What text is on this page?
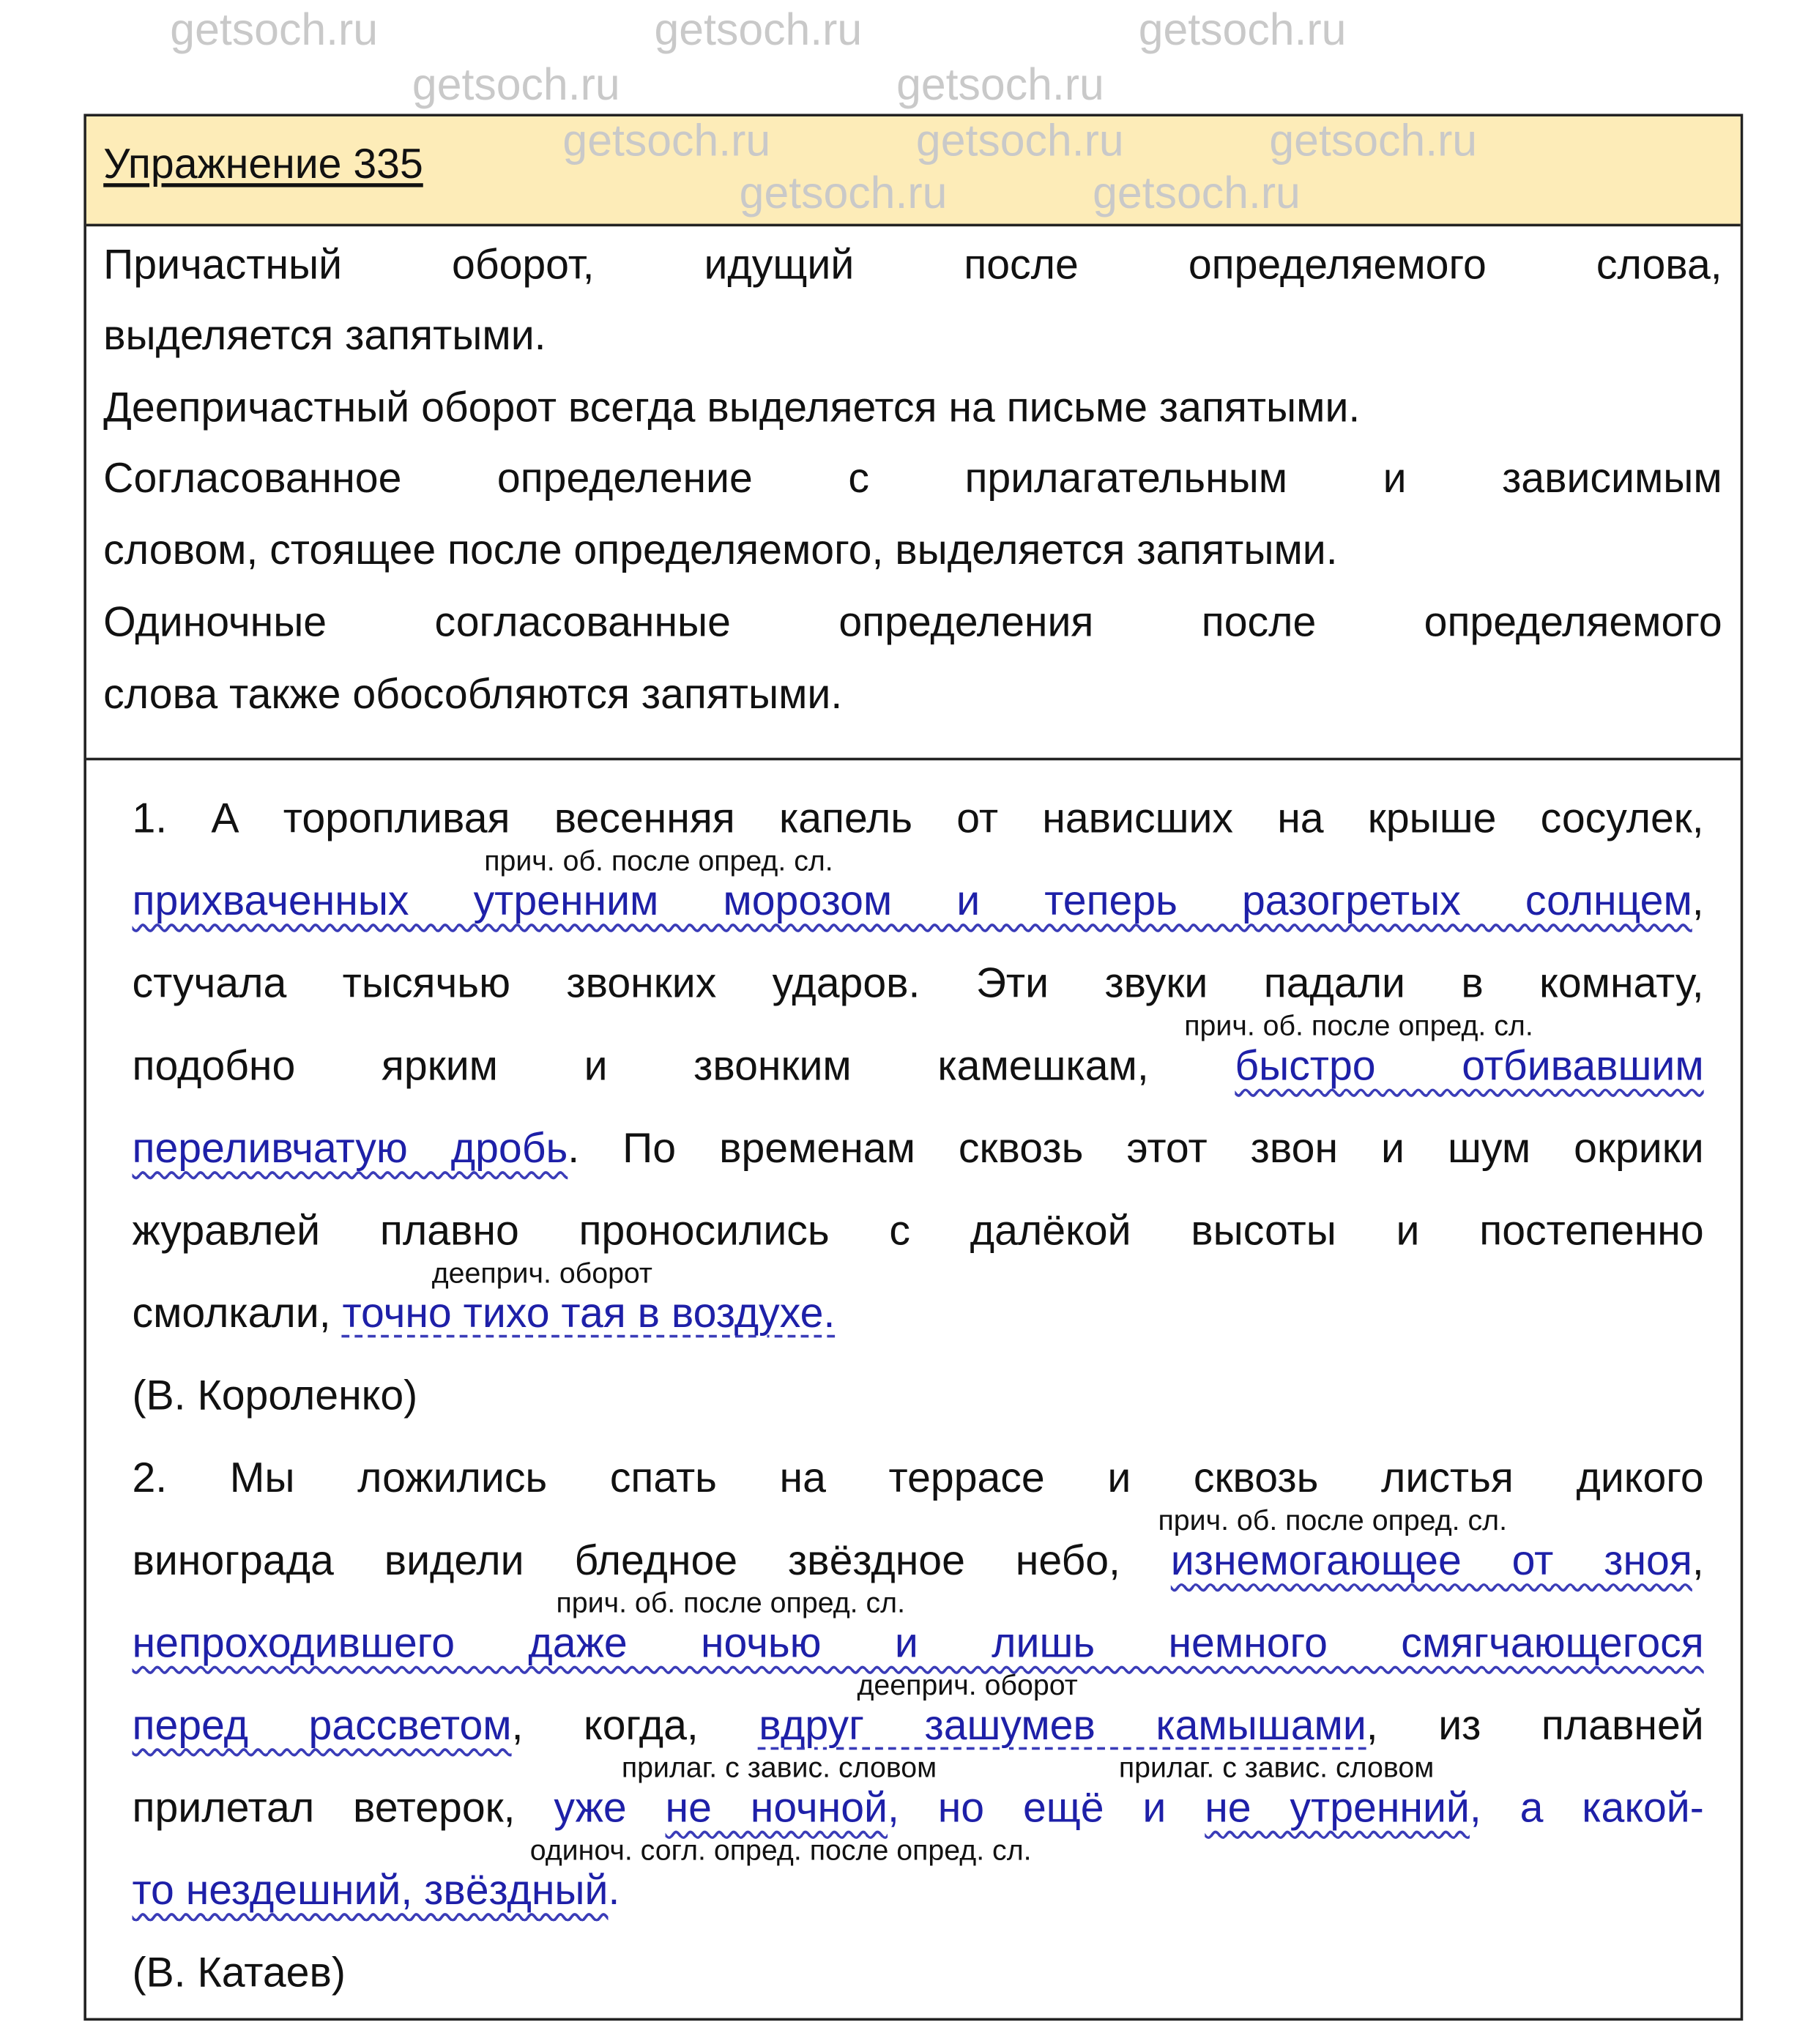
Упражнение 335
Причастный оборот, идущий после определяемого слова,
выделяется запятыми.
Деепричастный оборот всегда выделяется на письме запятыми.
Согласованное определение с прилагательным и зависимым
словом, стоящее после определяемого, выделяется запятыми.
Одиночные согласованные определения после определяемого
слова также обособляются запятыми.
1. А торопливая весенняя капель от нависших на крыше сосулек,
прихваченных утренним морозом и теперь разогретых солнцем,
стучала тысячью звонких ударов. Эти звуки падали в комнату,
подобно ярким и звонким камешкам, быстро отбивавшим
переливчатую дробь. По временам сквозь этот звон и шум окрики
журавлей плавно проносились с далёкой высоты и постепенно
смолкали, точно тихо тая в воздухе.
(В. Короленко)
2. Мы ложились спать на террасе и сквозь листья дикого
винограда видели бледное звёздное небо, изнемогающее от зноя,
непроходившего даже ночью и лишь немного смягчающегося
перед рассветом, когда, вдруг зашумев камышами, из плавней
прилетал ветерок, уже не ночной, но ещё и не утренний, а какой-
то нездешний, звёздный.
(В. Катаев)
прич. об. после опред. сл.
прич. об. после опред. сл.
дееприч. оборот
прич. об. после опред. сл.
прич. об. после опред. сл.
дееприч. оборот
прилаг. с завис. словом	прилаг. с завис. словом
одиноч. согл. опред. после опред. сл.
getsoch.ru	getsoch.ru	getsoch.ru
getsoch.ru	getsoch.ru
getsoch.ru	getsoch.ru	getsoch.ru
getsoch.ru	getsoch.ru
